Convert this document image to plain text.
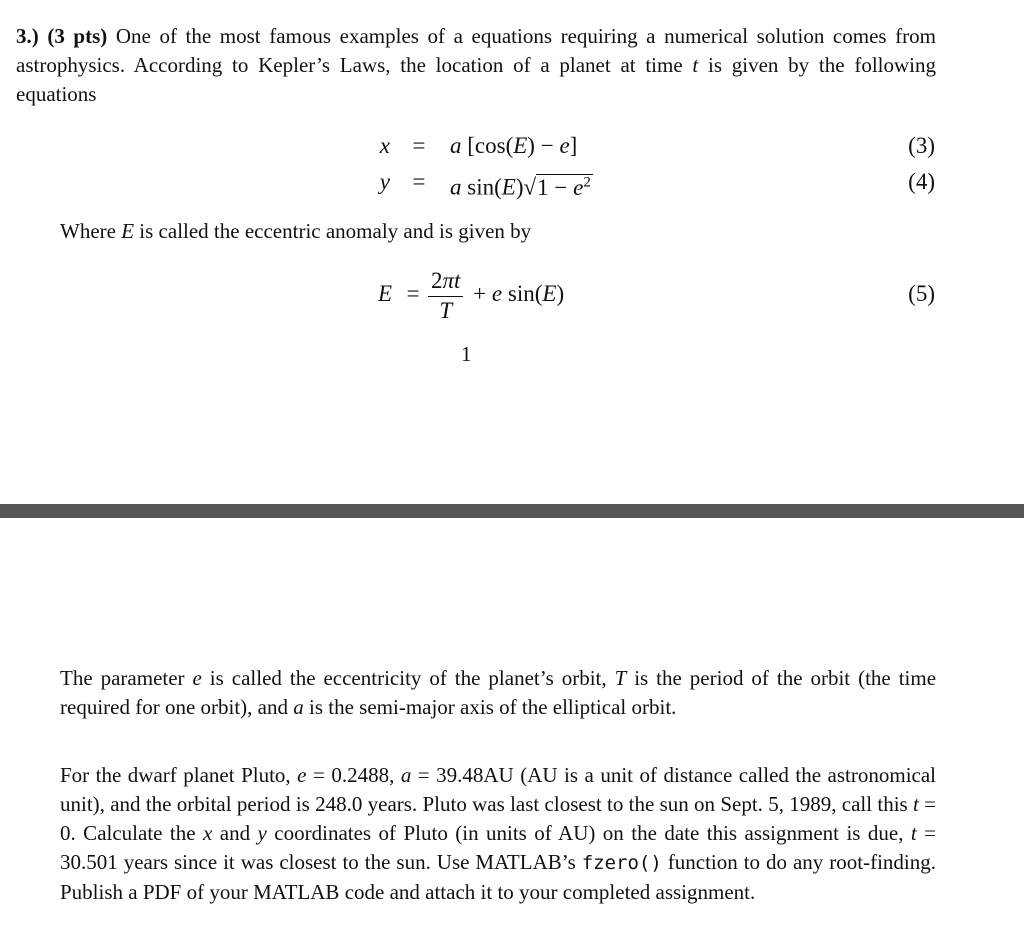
3.) (3 pts) One of the most famous examples of a equations requiring a numerical solution comes from astrophysics. According to Kepler’s Laws, the location of a planet at time t is given by the following equations

x =	a [cos(E) − e]	(3)
y =	a $\sin(E)√1 - e^2$	(4)

Where E is called the eccentric anomaly and is given by

$E = \frac{2\pi t}{T} + e$ sin(E)	(5)
1

The parameter e is called the eccentricity of the planet’s orbit, T is the period of the orbit (the time required for one orbit), and a is the semi-major axis of the elliptical orbit.

For the dwarf planet Pluto, e = 0.2488, a = 39.48AU (AU is a unit of distance called the astronomical unit), and the orbital period is 248.0 years. Pluto was last closest to the sun on Sept. 5, 1989, call this t = 0. Calculate the x and y coordinates of Pluto (in units of AU) on the date this assignment is due, t = 30.501 years since it was closest to the sun. Use MATLAB’s fzero() function to do any root-finding. Publish a PDF of your MATLAB code and attach it to your completed assignment.
